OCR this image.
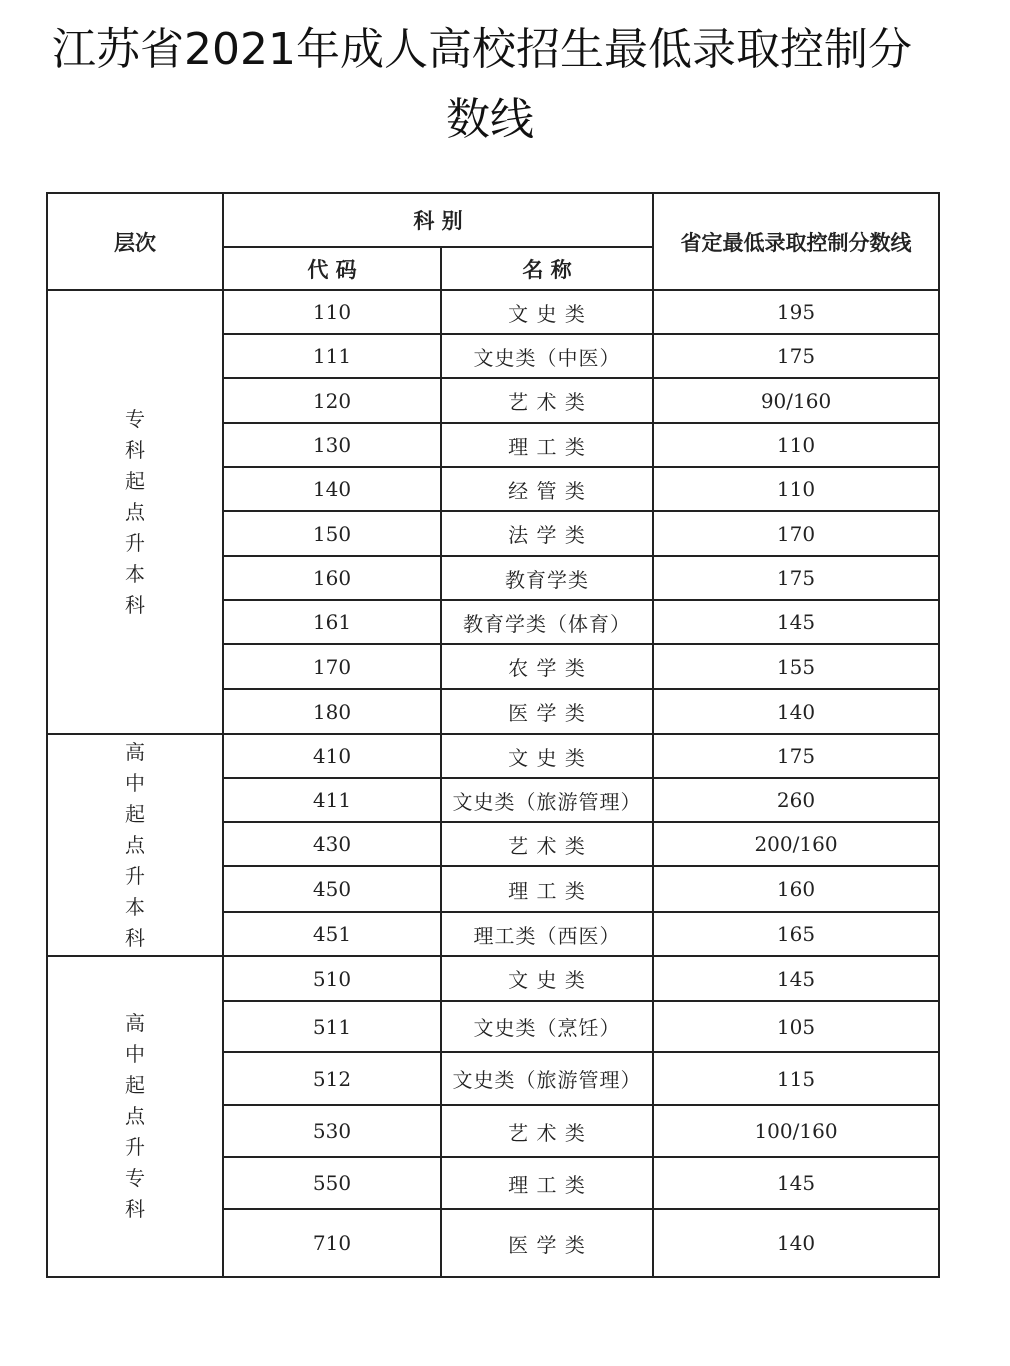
江苏省2021年成人高校招生最低录取控制分
数线
层次	科 别		省定最低录取控制分数线
	代 码	名 称	
专科起点升本科	110	文 史 类	195
	111	文史类（中医）	175
	120	艺 术 类	90/160
	130	理 工 类	110
	140	经 管 类	110
	150	法 学 类	170
	160	教育学类	175
	161	教育学类（体育）	145
	170	农 学 类	155
	180	医 学 类	140
高中起点升本科	410	文 史 类	175
	411	文史类（旅游管理）	260
	430	艺 术 类	200/160
	450	理 工 类	160
	451	理工类（西医）	165
高中起点升专科	510	文 史 类	145
	511	文史类（烹饪）	105
	512	文史类（旅游管理）	115
	530	艺 术 类	100/160
	550	理 工 类	145
	710	医 学 类	140
